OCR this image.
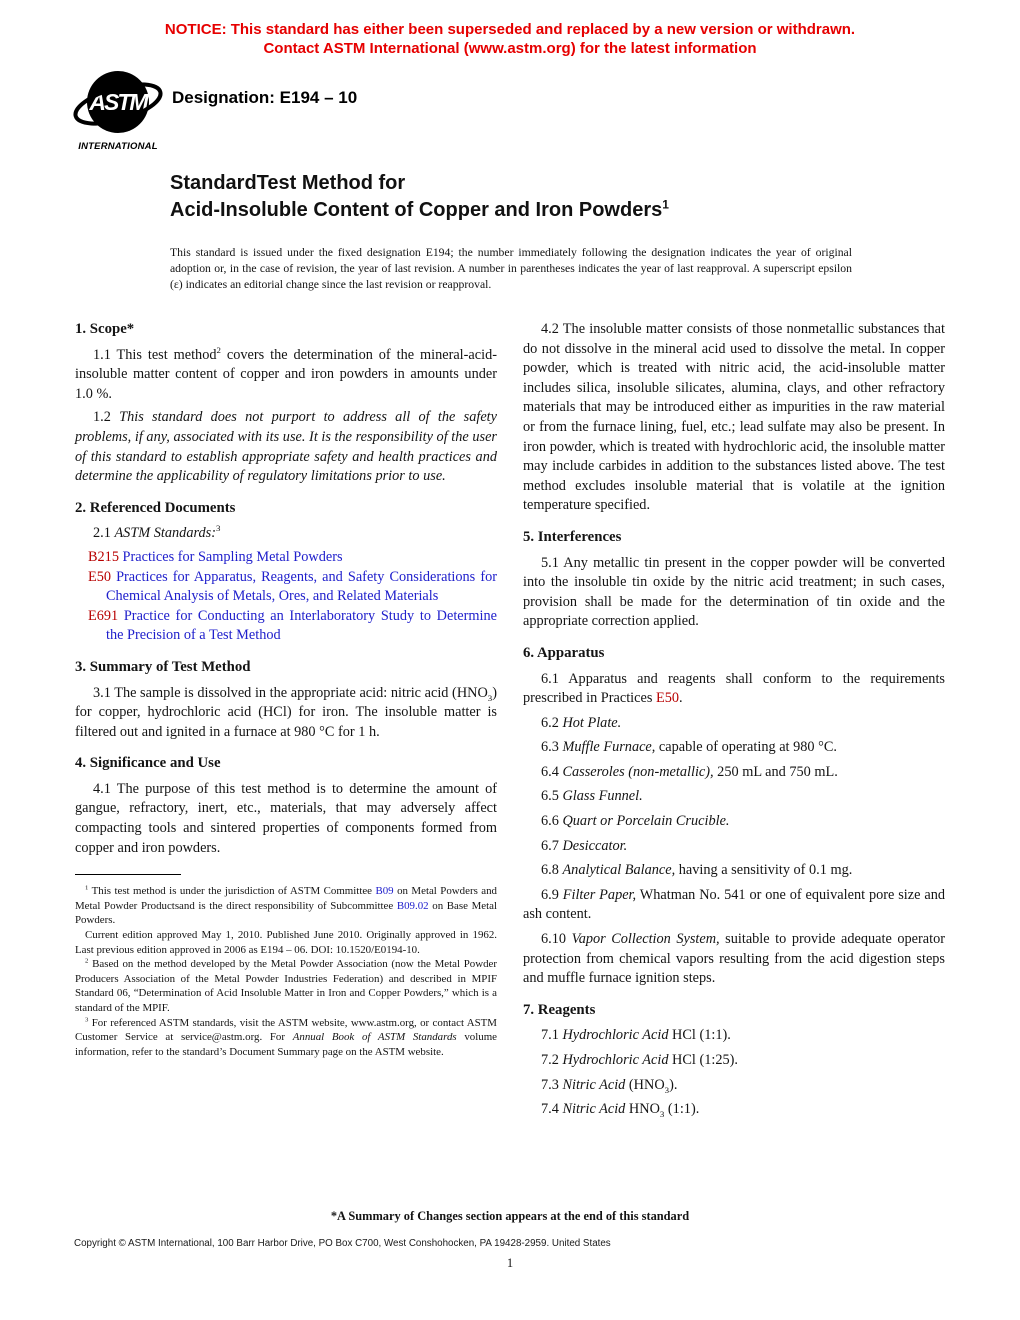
NOTICE: This standard has either been superseded and replaced by a new version or withdrawn.
Contact ASTM International (www.astm.org) for the latest information
ASTM
INTERNATIONAL
Designation: E194 – 10
StandardTest Method for
Acid-Insoluble Content of Copper and Iron Powders$^1$

This standard is issued under the fixed designation E194; the number immediately following the designation indicates the year of original adoption or, in the case of revision, the year of last revision. A number in parentheses indicates the year of last reapproval. A superscript epsilon (ε) indicates an editorial change since the last revision or reapproval.

1. Scope*

1.1 This test method$^2$ covers the determination of the mineral-acid-insoluble matter content of copper and iron powders in amounts under 1.0 %.

1.2 This standard does not purport to address all of the safety problems, if any, associated with its use. It is the responsibility of the user of this standard to establish appropriate safety and health practices and determine the applicability of regulatory limitations prior to use.

2. Referenced Documents

2.1 ASTM Standards:$^3$

B215 Practices for Sampling Metal Powders
E50 Practices for Apparatus, Reagents, and Safety Considerations for Chemical Analysis of Metals, Ores, and Related Materials
E691 Practice for Conducting an Interlaboratory Study to Determine the Precision of a Test Method
3. Summary of Test Method

3.1 The sample is dissolved in the appropriate acid: nitric acid $(HNO_3)$ for copper, hydrochloric acid (HCl) for iron. The insoluble matter is filtered out and ignited in a furnace at 980 °C for 1 h.

4. Significance and Use

4.1 The purpose of this test method is to determine the amount of gangue, refractory, inert, etc., materials, that may adversely affect compacting tools and sintered properties of components formed from copper and iron powders.

$^1$ This test method is under the jurisdiction of ASTM Committee B09 on Metal Powders and Metal Powder Productsand is the direct responsibility of Subcommittee B09.02 on Base Metal Powders.

Current edition approved May 1, 2010. Published June 2010. Originally approved in 1962. Last previous edition approved in 2006 as E194 – 06. DOI: 10.1520/E0194-10.

$^2$ Based on the method developed by the Metal Powder Association (now the Metal Powder Producers Association of the Metal Powder Industries Federation) and described in MPIF Standard 06, “Determination of Acid Insoluble Matter in Iron and Copper Powders,” which is a standard of the MPIF.

$^3$ For referenced ASTM standards, visit the ASTM website, www.astm.org, or contact ASTM Customer Service at service@astm.org. For Annual Book of ASTM Standards volume information, refer to the standard’s Document Summary page on the ASTM website.

4.2 The insoluble matter consists of those nonmetallic substances that do not dissolve in the mineral acid used to dissolve the metal. In copper powder, which is treated with nitric acid, the acid-insoluble matter includes silica, insoluble silicates, alumina, clays, and other refractory materials that may be introduced either as impurities in the raw material or from the furnace lining, fuel, etc.; lead sulfate may also be present. In iron powder, which is treated with hydrochloric acid, the insoluble matter may include carbides in addition to the substances listed above. The test method excludes insoluble material that is volatile at the ignition temperature specified.

5. Interferences

5.1 Any metallic tin present in the copper powder will be converted into the insoluble tin oxide by the nitric acid treatment; in such cases, provision shall be made for the determination of tin oxide and the appropriate correction applied.

6. Apparatus

6.1 Apparatus and reagents shall conform to the requirements prescribed in Practices E50.

6.2 Hot Plate.

6.3 Muffle Furnace, capable of operating at 980 °C.

6.4 Casseroles (non-metallic), 250 mL and 750 mL.

6.5 Glass Funnel.

6.6 Quart or Porcelain Crucible.

6.7 Desiccator.

6.8 Analytical Balance, having a sensitivity of 0.1 mg.

6.9 Filter Paper, Whatman No. 541 or one of equivalent pore size and ash content.

6.10 Vapor Collection System, suitable to provide adequate operator protection from chemical vapors resulting from the acid digestion steps and muffle furnace ignition steps.

7. Reagents

7.1 Hydrochloric Acid HCl (1:1).

7.2 Hydrochloric Acid HCl (1:25).

7.3 Nitric Acid $(HNO_3)$.

7.4 Nitric Acid $HNO_3$ (1:1).

*A Summary of Changes section appears at the end of this standard
Copyright © ASTM International, 100 Barr Harbor Drive, PO Box C700, West Conshohocken, PA 19428-2959. United States
1
